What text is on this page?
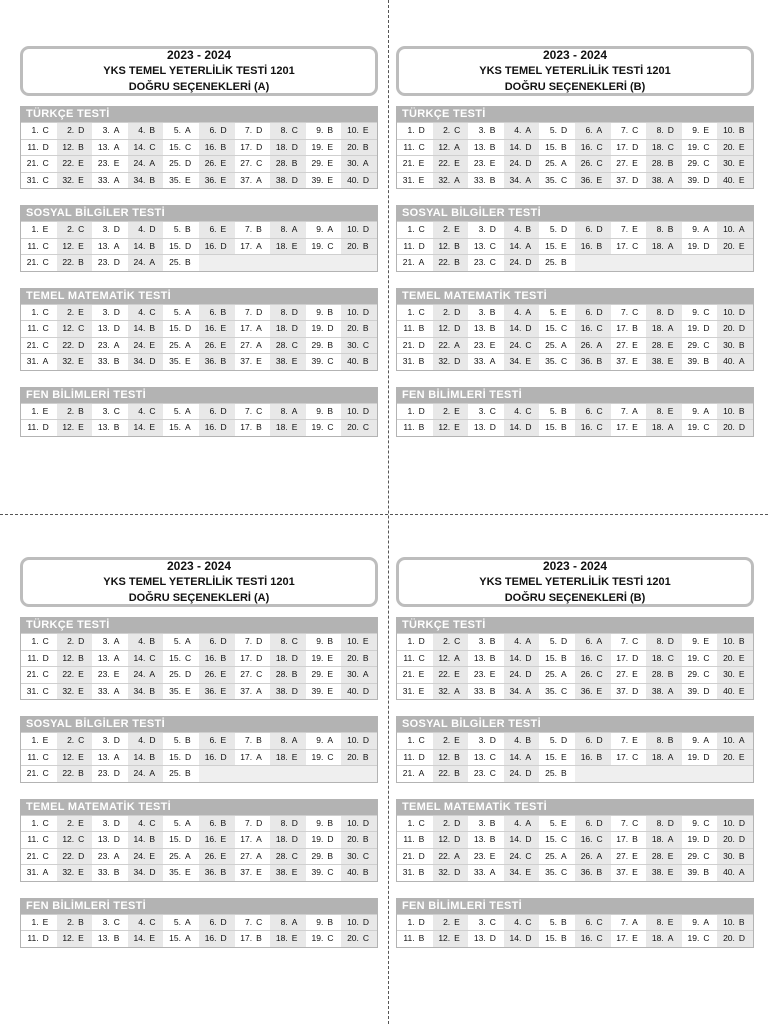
2023 - 2024
YKS TEMEL YETERLİLİK TESTİ 1201
DOĞRU SEÇENEKLERİ (A)
TÜRKÇE TESTİ
1. C	2. D	3. A	4. B	5. A	6. D	7. D	8. C	9. B	10. E
11. D	12. B	13. A	14. C	15. C	16. B	17. D	18. D	19. E	20. B
21. C	22. E	23. E	24. A	25. D	26. E	27. C	28. B	29. E	30. A
31. C	32. E	33. A	34. B	35. E	36. E	37. A	38. D	39. E	40. D
SOSYAL BİLGİLER TESTİ
1. E	2. C	3. D	4. D	5. B	6. E	7. B	8. A	9. A	10. D
11. C	12. E	13. A	14. B	15. D	16. D	17. A	18. E	19. C	20. B
21. C	22. B	23. D	24. A	25. B
TEMEL MATEMATİK TESTİ
1. C	2. E	3. D	4. C	5. A	6. B	7. D	8. D	9. B	10. D
11. C	12. C	13. D	14. B	15. D	16. E	17. A	18. D	19. D	20. B
21. C	22. D	23. A	24. E	25. A	26. E	27. A	28. C	29. B	30. C
31. A	32. E	33. B	34. D	35. E	36. B	37. E	38. E	39. C	40. B
FEN BİLİMLERİ TESTİ
1. E	2. B	3. C	4. C	5. A	6. D	7. C	8. A	9. B	10. D
11. D	12. E	13. B	14. E	15. A	16. D	17. B	18. E	19. C	20. C
2023 - 2024
YKS TEMEL YETERLİLİK TESTİ 1201
DOĞRU SEÇENEKLERİ (B)
TÜRKÇE TESTİ
1. D	2. C	3. B	4. A	5. D	6. A	7. C	8. D	9. E	10. B
11. C	12. A	13. B	14. D	15. B	16. C	17. D	18. C	19. C	20. E
21. E	22. E	23. E	24. D	25. A	26. C	27. E	28. B	29. C	30. E
31. E	32. A	33. B	34. A	35. C	36. E	37. D	38. A	39. D	40. E
SOSYAL BİLGİLER TESTİ
1. C	2. E	3. D	4. B	5. D	6. D	7. E	8. B	9. A	10. A
11. D	12. B	13. C	14. A	15. E	16. B	17. C	18. A	19. D	20. E
21. A	22. B	23. C	24. D	25. B
TEMEL MATEMATİK TESTİ
1. C	2. D	3. B	4. A	5. E	6. D	7. C	8. D	9. C	10. D
11. B	12. D	13. B	14. D	15. C	16. C	17. B	18. A	19. D	20. D
21. D	22. A	23. E	24. C	25. A	26. A	27. E	28. E	29. C	30. B
31. B	32. D	33. A	34. E	35. C	36. B	37. E	38. E	39. B	40. A
FEN BİLİMLERİ TESTİ
1. D	2. E	3. C	4. C	5. B	6. C	7. A	8. E	9. A	10. B
11. B	12. E	13. D	14. D	15. B	16. C	17. E	18. A	19. C	20. D
2023 - 2024
YKS TEMEL YETERLİLİK TESTİ 1201
DOĞRU SEÇENEKLERİ (A)
TÜRKÇE TESTİ
1. C	2. D	3. A	4. B	5. A	6. D	7. D	8. C	9. B	10. E
11. D	12. B	13. A	14. C	15. C	16. B	17. D	18. D	19. E	20. B
21. C	22. E	23. E	24. A	25. D	26. E	27. C	28. B	29. E	30. A
31. C	32. E	33. A	34. B	35. E	36. E	37. A	38. D	39. E	40. D
SOSYAL BİLGİLER TESTİ
1. E	2. C	3. D	4. D	5. B	6. E	7. B	8. A	9. A	10. D
11. C	12. E	13. A	14. B	15. D	16. D	17. A	18. E	19. C	20. B
21. C	22. B	23. D	24. A	25. B
TEMEL MATEMATİK TESTİ
1. C	2. E	3. D	4. C	5. A	6. B	7. D	8. D	9. B	10. D
11. C	12. C	13. D	14. B	15. D	16. E	17. A	18. D	19. D	20. B
21. C	22. D	23. A	24. E	25. A	26. E	27. A	28. C	29. B	30. C
31. A	32. E	33. B	34. D	35. E	36. B	37. E	38. E	39. C	40. B
FEN BİLİMLERİ TESTİ
1. E	2. B	3. C	4. C	5. A	6. D	7. C	8. A	9. B	10. D
11. D	12. E	13. B	14. E	15. A	16. D	17. B	18. E	19. C	20. C
2023 - 2024
YKS TEMEL YETERLİLİK TESTİ 1201
DOĞRU SEÇENEKLERİ (B)
TÜRKÇE TESTİ
1. D	2. C	3. B	4. A	5. D	6. A	7. C	8. D	9. E	10. B
11. C	12. A	13. B	14. D	15. B	16. C	17. D	18. C	19. C	20. E
21. E	22. E	23. E	24. D	25. A	26. C	27. E	28. B	29. C	30. E
31. E	32. A	33. B	34. A	35. C	36. E	37. D	38. A	39. D	40. E
SOSYAL BİLGİLER TESTİ
1. C	2. E	3. D	4. B	5. D	6. D	7. E	8. B	9. A	10. A
11. D	12. B	13. C	14. A	15. E	16. B	17. C	18. A	19. D	20. E
21. A	22. B	23. C	24. D	25. B
TEMEL MATEMATİK TESTİ
1. C	2. D	3. B	4. A	5. E	6. D	7. C	8. D	9. C	10. D
11. B	12. D	13. B	14. D	15. C	16. C	17. B	18. A	19. D	20. D
21. D	22. A	23. E	24. C	25. A	26. A	27. E	28. E	29. C	30. B
31. B	32. D	33. A	34. E	35. C	36. B	37. E	38. E	39. B	40. A
FEN BİLİMLERİ TESTİ
1. D	2. E	3. C	4. C	5. B	6. C	7. A	8. E	9. A	10. B
11. B	12. E	13. D	14. D	15. B	16. C	17. E	18. A	19. C	20. D
